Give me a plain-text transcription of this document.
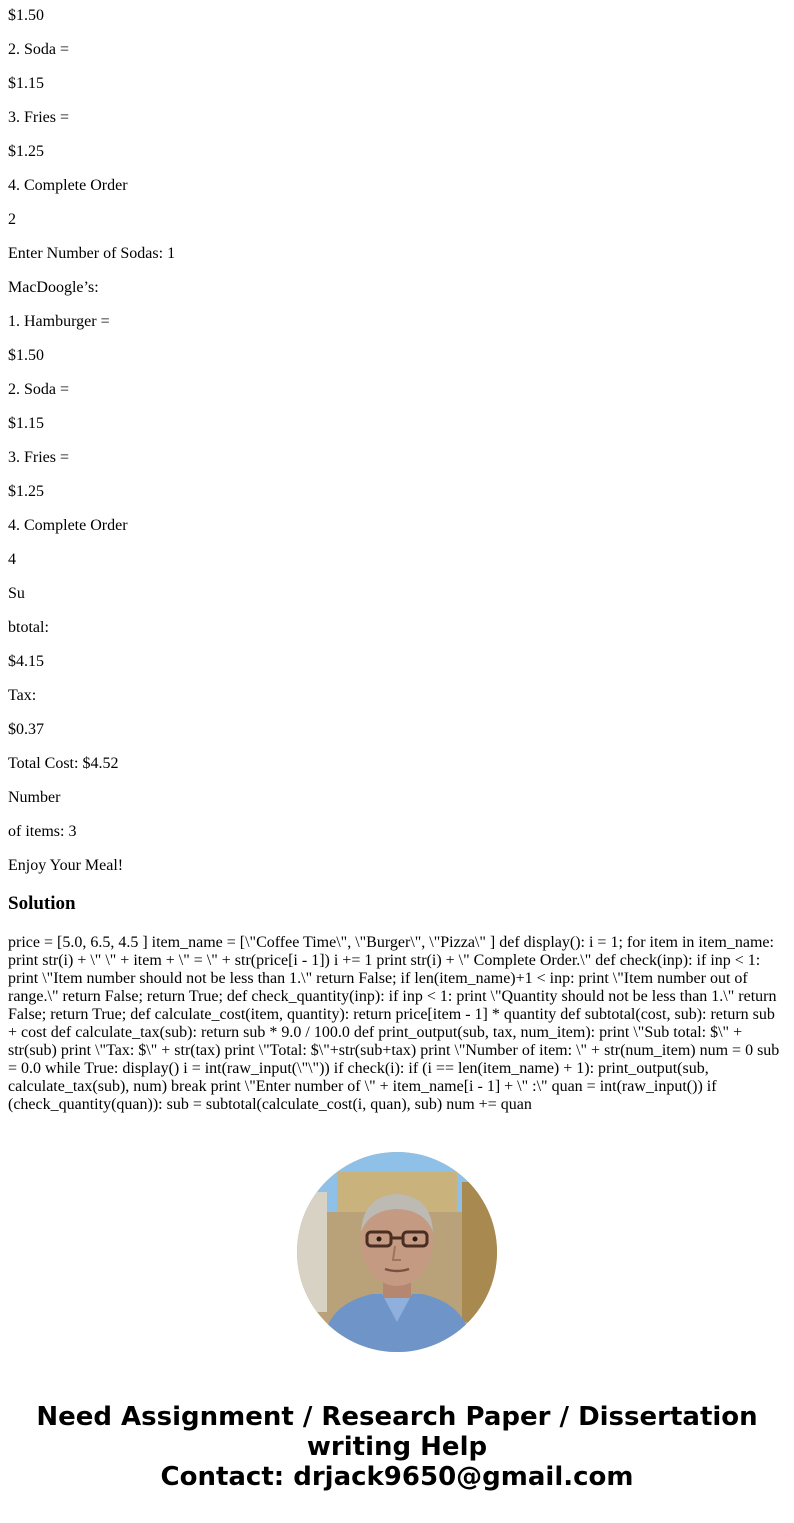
$1.50

2. Soda =

$1.15

3. Fries =

$1.25

4. Complete Order

2

Enter Number of Sodas: 1

MacDoogle’s:

1. Hamburger =

$1.50

2. Soda =

$1.15

3. Fries =

$1.25

4. Complete Order

4

Su

btotal:

$4.15

Tax:

$0.37

Total Cost: $4.52

Number

of items: 3

Enjoy Your Meal!

Solution

price = [5.0, 6.5, 4.5 ] item_name = [\"Coffee Time\", \"Burger\", \"Pizza\" ] def display(): i = 1; for item in item_name: print str(i) + \" \" + item + \" = \" + str(price[i - 1]) i += 1 print str(i) + \" Complete Order.\" def check(inp): if inp < 1: print \"Item number should not be less than 1.\" return False; if len(item_name)+1 < inp: print \"Item number out of range.\" return False; return True; def check_quantity(inp): if inp < 1: print \"Quantity should not be less than 1.\" return False; return True; def calculate_cost(item, quantity): return price[item - 1] * quantity def subtotal(cost, sub): return sub + cost def calculate_tax(sub): return sub * 9.0 / 100.0 def print_output(sub, tax, num_item): print \"Sub total: $\" + str(sub) print \"Tax: $\" + str(tax) print \"Total: $\"+str(sub+tax) print \"Number of item: \" + str(num_item) num = 0 sub = 0.0 while True: display() i = int(raw_input(\"\")) if check(i): if (i == len(item_name) + 1): print_output(sub, calculate_tax(sub), num) break print \"Enter number of \" + item_name[i - 1] + \" :\" quan = int(raw_input()) if (check_quantity(quan)): sub = subtotal(calculate_cost(i, quan), sub) num += quan

Need Assignment / Research Paper / Dissertation
writing Help
Contact: drjack9650@gmail.com
